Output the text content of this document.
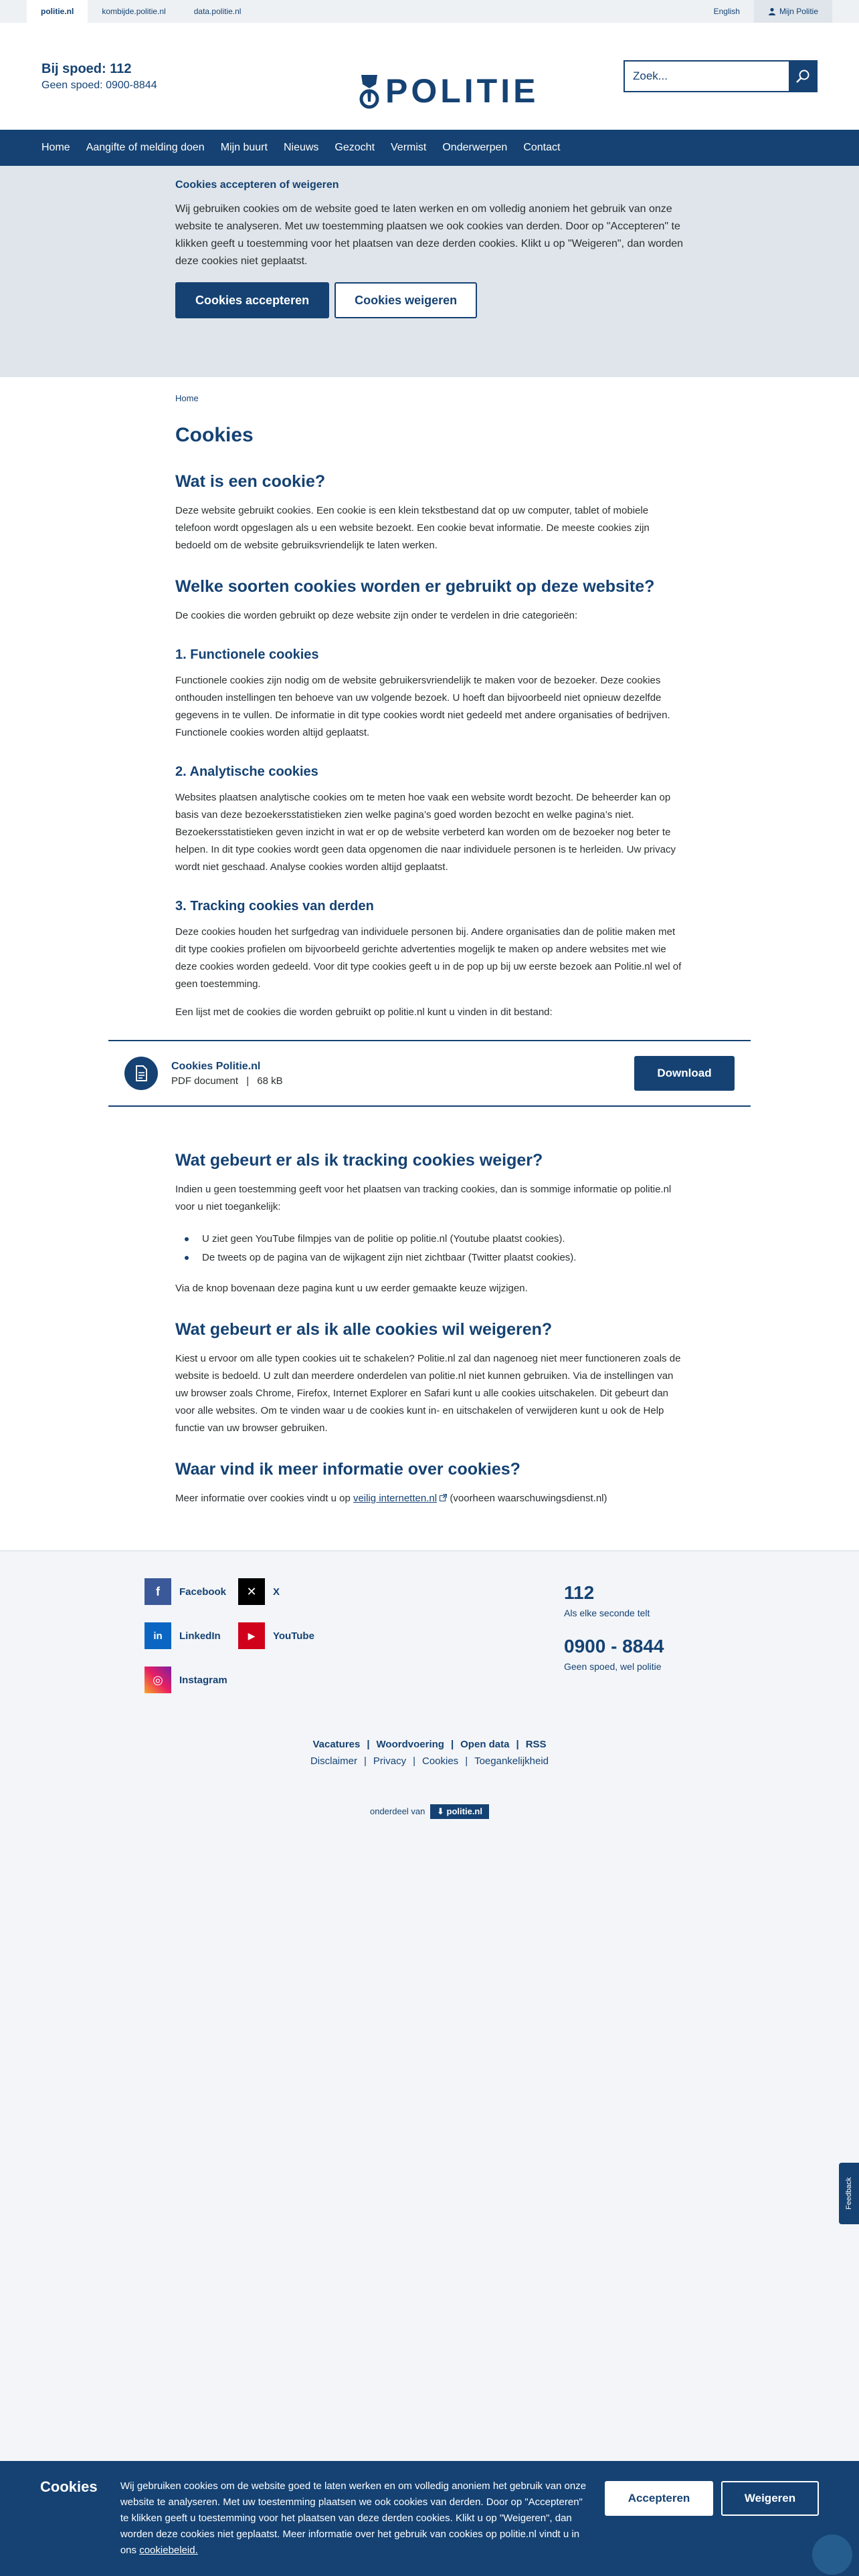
politie.nl	kombijde.politie.nl	data.politie.nl	English	Mijn Politie
Bij spoed: 112
Geen spoed: 0900-8844	POLITIE
Zoek...
Home	Aangifte of melding doen	Mijn buurt	Nieuws	Gezocht	Vermist	Onderwerpen	Contact
Cookies accepteren of weigeren

Wij gebruiken cookies om de website goed te laten werken en om volledig anoniem het gebruik van onze website te analyseren. Met uw toestemming plaatsen we ook cookies van derden. Door op "Accepteren" te klikken geeft u toestemming voor het plaatsen van deze derden cookies. Klikt u op "Weigeren", dan worden deze cookies niet geplaatst.

Cookies accepteren	Cookies weigeren
Home
Cookies
Wat is een cookie?

Deze website gebruikt cookies. Een cookie is een klein tekstbestand dat op uw computer, tablet of mobiele telefoon wordt opgeslagen als u een website bezoekt. Een cookie bevat informatie. De meeste cookies zijn bedoeld om de website gebruiksvriendelijk te laten werken.

Welke soorten cookies worden er gebruikt op deze website?

De cookies die worden gebruikt op deze website zijn onder te verdelen in drie categorieën:

1. Functionele cookies

Functionele cookies zijn nodig om de website gebruikersvriendelijk te maken voor de bezoeker. Deze cookies onthouden instellingen ten behoeve van uw volgende bezoek. U hoeft dan bijvoorbeeld niet opnieuw dezelfde gegevens in te vullen. De informatie in dit type cookies wordt niet gedeeld met andere organisaties of bedrijven. Functionele cookies worden altijd geplaatst.

2. Analytische cookies

Websites plaatsen analytische cookies om te meten hoe vaak een website wordt bezocht. De beheerder kan op basis van deze bezoekersstatistieken zien welke pagina’s goed worden bezocht en welke pagina’s niet. Bezoekersstatistieken geven inzicht in wat er op de website verbeterd kan worden om de bezoeker nog beter te helpen. In dit type cookies wordt geen data opgenomen die naar individuele personen is te herleiden. Uw privacy wordt niet geschaad. Analyse cookies worden altijd geplaatst.

3. Tracking cookies van derden

Deze cookies houden het surfgedrag van individuele personen bij. Andere organisaties dan de politie maken met dit type cookies profielen om bijvoorbeeld gerichte advertenties mogelijk te maken op andere websites met wie deze cookies worden gedeeld. Voor dit type cookies geeft u in de pop up bij uw eerste bezoek aan Politie.nl wel of geen toestemming.

Een lijst met de cookies die worden gebruikt op politie.nl kunt u vinden in dit bestand:

Cookies Politie.nl
PDF document | 68 kB
Download
Wat gebeurt er als ik tracking cookies weiger?

Indien u geen toestemming geeft voor het plaatsen van tracking cookies, dan is sommige informatie op politie.nl voor u niet toegankelijk:

U ziet geen YouTube filmpjes van de politie op politie.nl (Youtube plaatst cookies).
De tweets op de pagina van de wijkagent zijn niet zichtbaar (Twitter plaatst cookies).

Via de knop bovenaan deze pagina kunt u uw eerder gemaakte keuze wijzigen.

Wat gebeurt er als ik alle cookies wil weigeren?

Kiest u ervoor om alle typen cookies uit te schakelen? Politie.nl zal dan nagenoeg niet meer functioneren zoals de website is bedoeld. U zult dan meerdere onderdelen van politie.nl niet kunnen gebruiken. Via de instellingen van uw browser zoals Chrome, Firefox, Internet Explorer en Safari kunt u alle cookies uitschakelen. Dit gebeurt dan voor alle websites. Om te vinden waar u de cookies kunt in- en uitschakelen of verwijderen kunt u ook de Help functie van uw browser gebruiken.

Waar vind ik meer informatie over cookies?

Meer informatie over cookies vindt u op veilig internetten.nl  (voorheen waarschuwingsdienst.nl)

f	Facebook	✕	X
in	LinkedIn	▶	YouTube
◎	Instagram
112
Als elke seconde telt
0900 - 8844
Geen spoed, wel politie
Vacatures | Woordvoering | Open data | RSS
Disclaimer | Privacy | Cookies | Toegankelijkheid
onderdeel van ⬇ politie.nl
Feedback
Cookies	Wij gebruiken cookies om de website goed te laten werken en om volledig anoniem het gebruik van onze website te analyseren. Met uw toestemming plaatsen we ook cookies van derden. Door op "Accepteren" te klikken geeft u toestemming voor het plaatsen van deze derden cookies. Klikt u op "Weigeren", dan worden deze cookies niet geplaatst. Meer informatie over het gebruik van cookies op politie.nl vindt u in ons cookiebeleid.

Accepteren	Weigeren
